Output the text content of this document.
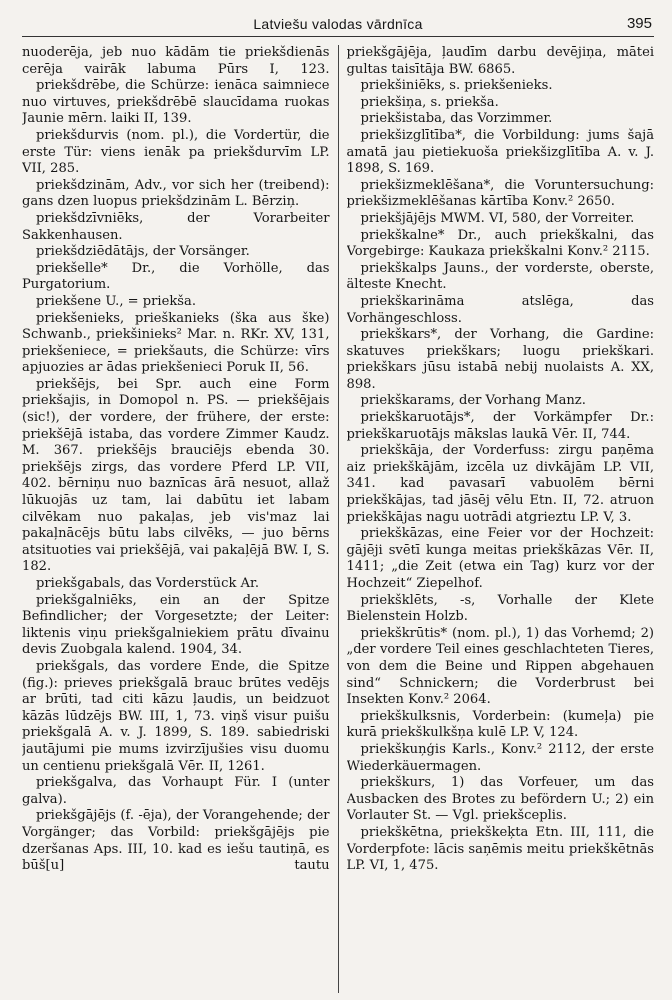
Latviešu valodas vārdnīca	395

nuoderēja, jeb nuo kādām tie priekšdienās cerēja vairāk labuma Pūrs I, 123.

priekšdrēbe, die Schürze: ienāca saimniece nuo virtuves, priekšdrēbē slaucīdama ruokas Jaunie mērn. laiki II, 139.

priekšdurvis (nom. pl.), die Vordertür, die erste Tür: viens ienāk pa priekšdurvīm LP. VII, 285.

priekšdzinām, Adv., vor sich her (treibend): gans dzen luopus priekšdzinām L. Bērziņ.

priekšdzīvniēks, der Vorarbeiter Sakkenhausen.

priekšdziēdātājs, der Vorsänger.

priekšelle* Dr., die Vorhölle, das Purgatorium.

priekšene U., = priekša.

priekšenieks, prieškanieks (ška aus ške) Schwanb., priekšinieks² Mar. n. RKr. XV, 131, priekšeniece, = priekšauts, die Schürze: vīrs apjuozies ar ādas priekšenieci Poruk II, 56.

priekšējs, bei Spr. auch eine Form priekšajis, in Domopol n. PS. — priekšējais (sic!), der vordere, der frühere, der erste: priekšējā istaba, das vordere Zimmer Kaudz. M. 367. priekšējs brauciējs ebenda 30. priekšējs zirgs, das vordere Pferd LP. VII, 402. bērniņu nuo baznīcas ārā nesuot, allaž lūkuojās uz tam, lai dabūtu iet labam cilvēkam nuo pakaļas, jeb vis'maz lai pakaļnācējs būtu labs cilvēks, — juo bērns atsituoties vai priekšējā, vai pakaļējā BW. I, S. 182.

priekšgabals, das Vorderstück Ar.

priekšgalniēks, ein an der Spitze Befindlicher; der Vorgesetzte; der Leiter: liktenis viņu priekšgalniekiem prātu dīvainu devis Zuobgala kalend. 1904, 34.

priekšgals, das vordere Ende, die Spitze (fig.): prieves priekšgalā brauc brūtes vedējs ar brūti, tad citi kāzu ļaudis, un beidzuot kāzās lūdzējs BW. III, 1, 73. viņš visur puišu priekšgalā A. v. J. 1899, S. 189. sabiedriski jautājumi pie mums izvirzījušies visu duomu un centienu priekšgalā Vēr. II, 1261.

priekšgalva, das Vorhaupt Für. I (unter galva).

priekšgājējs (f. -ēja), der Vorangehende; der Vorgänger; das Vorbild: priekšgājējs pie dzeršanas Aps. III, 10. kad es iešu tautiņā, es būš[u] tautu

priekšgājēja, ļaudīm darbu devējiņa, mātei gultas taisītāja BW. 6865.

priekšiniēks, s. priekšenieks.

priekšiņa, s. priekša.

priekšistaba, das Vorzimmer.

priekšizglītība*, die Vorbildung: jums šajā amatā jau pietiekuoša priekšizglītība A. v. J. 1898, S. 169.

priekšizmeklēšana*, die Voruntersuchung: priekšizmeklēšanas kārtība Konv.² 2650.

priekšjājējs MWM. VI, 580, der Vorreiter.

priekškalne* Dr., auch priekškalni, das Vorgebirge: Kaukaza priekškalni Konv.² 2115.

priekškalps Jauns., der vorderste, oberste, älteste Knecht.

priekškarināma atslēga, das Vorhängeschloss.

priekškars*, der Vorhang, die Gardine: skatuves priekškars; luogu priekškari. priekškars jūsu istabā nebij nuolaists A. XX, 898.

priekškarams, der Vorhang Manz.

priekškaruotājs*, der Vorkämpfer Dr.: priekškaruotājs mākslas laukā Vēr. II, 744.

priekškāja, der Vorderfuss: zirgu paņēma aiz priekškājām, izcēla uz divkājām LP. VII, 341. kad pavasarī vabuolēm bērni priekškājas, tad jāsēj vēlu Etn. II, 72. atruon priekškājas nagu uotrādi atgrieztu LP. V, 3.

priekškāzas, eine Feier vor der Hochzeit: gājēji svētī kunga meitas priekškāzas Vēr. II, 1411; „die Zeit (etwa ein Tag) kurz vor der Hochzeit“ Ziepelhof.

priekšklēts, -s, Vorhalle der Klete Bielenstein Holzb.

priekškrūtis* (nom. pl.), 1) das Vorhemd; 2) „der vordere Teil eines geschlachteten Tieres, von dem die Beine und Rippen abgehauen sind“ Schnickern; die Vorderbrust bei Insekten Konv.² 2064.

priekškulksnis, Vorderbein: (kumeļa) pie kurā priekškulkšņa kulē LP. V, 124.

priekškuņģis Karls., Konv.² 2112, der erste Wiederkäuermagen.

priekškurs, 1) das Vorfeuer, um das Ausbacken des Brotes zu befördern U.; 2) ein Vorlauter St. — Vgl. priekšceplis.

priekškētna, priekškeķta Etn. III, 111, die Vorderpfote: lācis saņēmis meitu priekškētnās LP. VI, 1, 475.
